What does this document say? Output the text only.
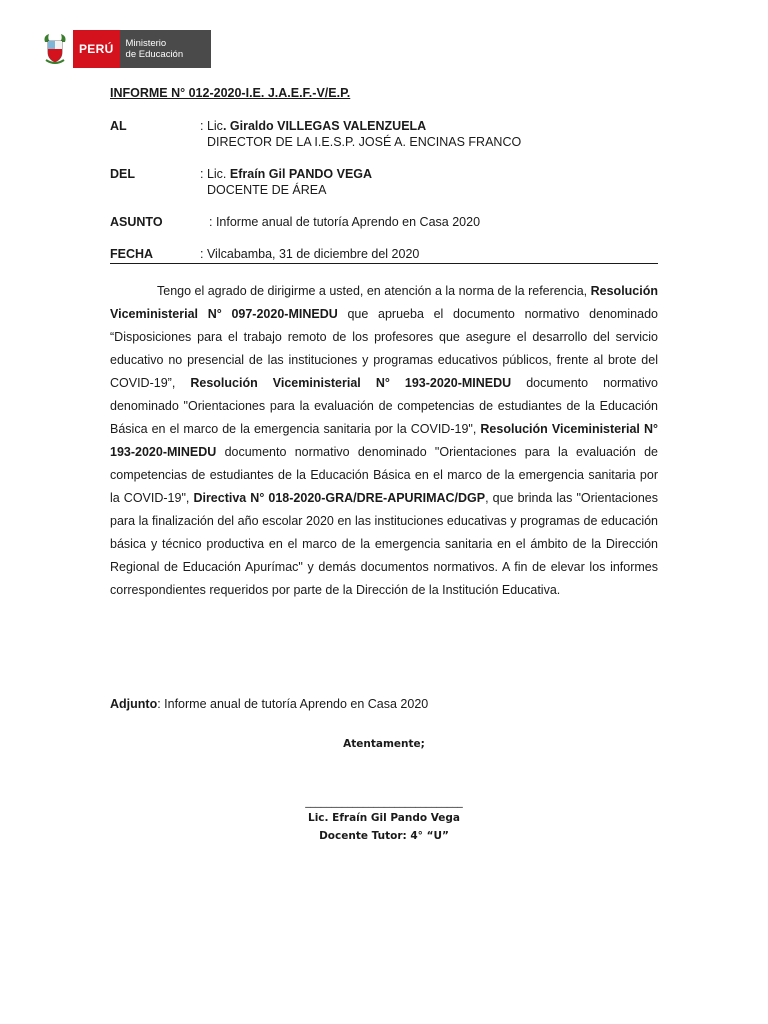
PERÚ	Ministerio
de Educación
INFORME N° 012-2020-I.E. J.A.E.F.-V/E.P.
AL	: Lic. Giraldo VILLEGAS VALENZUELA
DIRECTOR DE LA I.E.S.P. JOSÉ A. ENCINAS FRANCO
DEL	: Lic. Efraín Gil PANDO VEGA
DOCENTE DE ÁREA
ASUNTO	: Informe anual de tutoría Aprendo en Casa 2020
FECHA	: Vilcabamba, 31 de diciembre del 2020
Tengo el agrado de dirigirme a usted, en atención a la norma de la referencia, Resolución Viceministerial N° 097-2020-MINEDU que aprueba el documento normativo denominado “Disposiciones para el trabajo remoto de los profesores que asegure el desarrollo del servicio educativo no presencial de las instituciones y programas educativos públicos, frente al brote del COVID-19”, Resolución Viceministerial N° 193-2020-MINEDU documento normativo denominado "Orientaciones para la evaluación de competencias de estudiantes de la Educación Básica en el marco de la emergencia sanitaria por la COVID-19", Resolución Viceministerial N° 193-2020-MINEDU documento normativo denominado "Orientaciones para la evaluación de competencias de estudiantes de la Educación Básica en el marco de la emergencia sanitaria por la COVID-19", Directiva N° 018-2020-GRA/DRE-APURIMAC/DGP, que brinda las "Orientaciones para la finalización del año escolar 2020 en las instituciones educativas y programas de educación básica y técnico productiva en el marco de la emergencia sanitaria en el ámbito de la Dirección Regional de Educación Apurímac" y demás documentos normativos. A fin de elevar los informes correspondientes requeridos por parte de la Dirección de la Institución Educativa.
Adjunto: Informe anual de tutoría Aprendo en Casa 2020
Atentamente;
______________________________
Lic. Efraín Gil Pando Vega
Docente Tutor: 4° “U”
